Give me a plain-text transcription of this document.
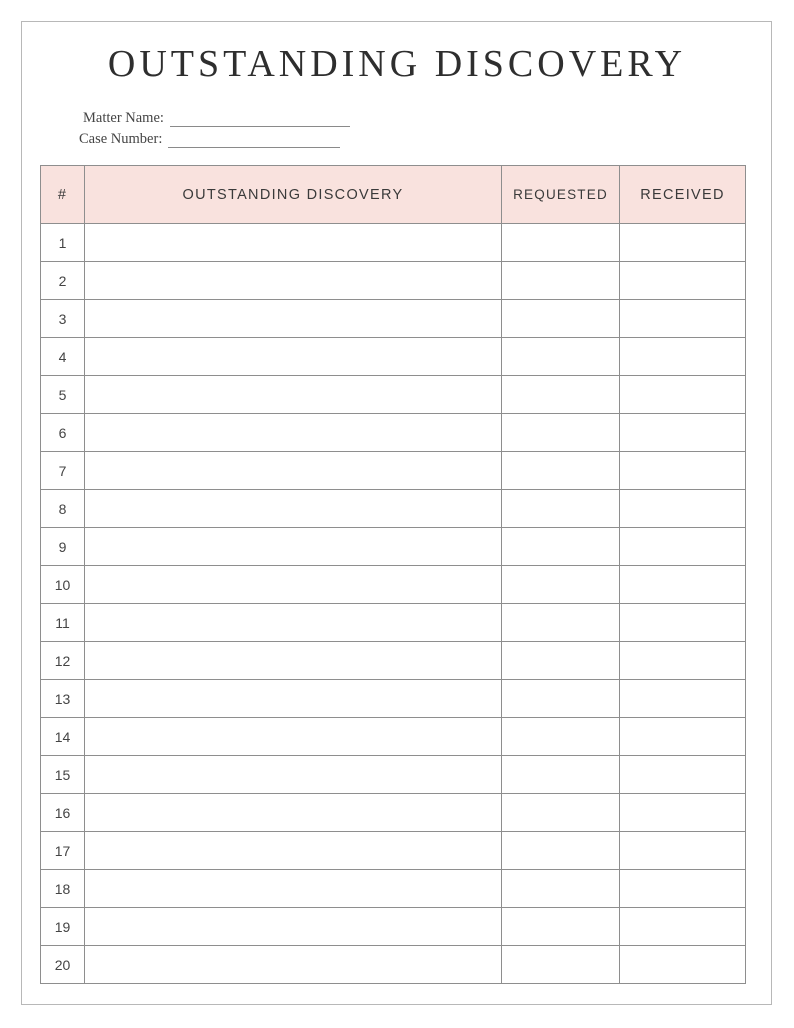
OUTSTANDING DISCOVERY
Matter Name:
Case Number:
#	OUTSTANDING DISCOVERY	REQUESTED	RECEIVED
1			
2			
3			
4			
5			
6			
7			
8			
9			
10			
11			
12			
13			
14			
15			
16			
17			
18			
19			
20			
